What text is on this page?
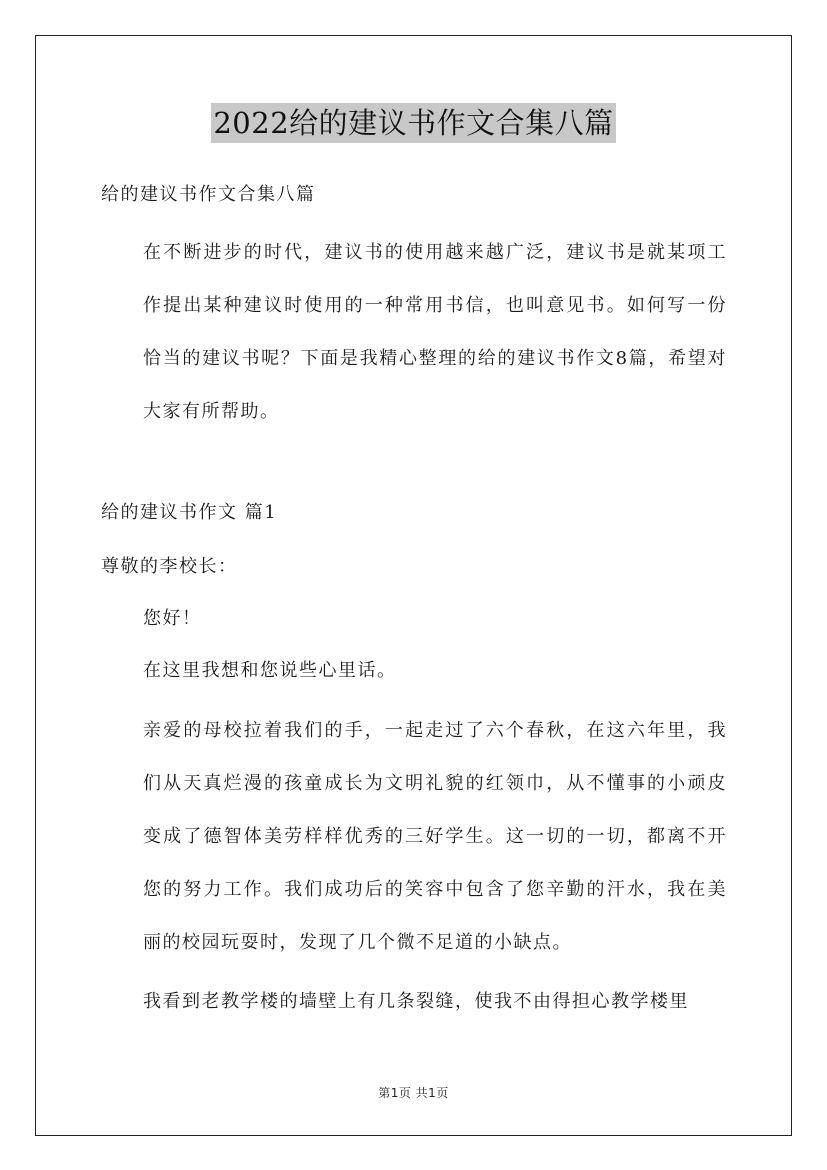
2022给的建议书作文合集八篇
给的建议书作文合集八篇
在不断进步的时代，建议书的使用越来越广泛，建议书是就某项工作提出某种建议时使用的一种常用书信，也叫意见书。如何写一份恰当的建议书呢？下面是我精心整理的给的建议书作文8篇，希望对大家有所帮助。
给的建议书作文 篇1
尊敬的李校长：
您好！
在这里我想和您说些心里话。
亲爱的母校拉着我们的手，一起走过了六个春秋，在这六年里，我们从天真烂漫的孩童成长为文明礼貌的红领巾，从不懂事的小顽皮变成了德智体美劳样样优秀的三好学生。这一切的一切，都离不开您的努力工作。我们成功后的笑容中包含了您辛勤的汗水，我在美丽的校园玩耍时，发现了几个微不足道的小缺点。
我看到老教学楼的墙壁上有几条裂缝，使我不由得担心教学楼里
第1页 共1页
